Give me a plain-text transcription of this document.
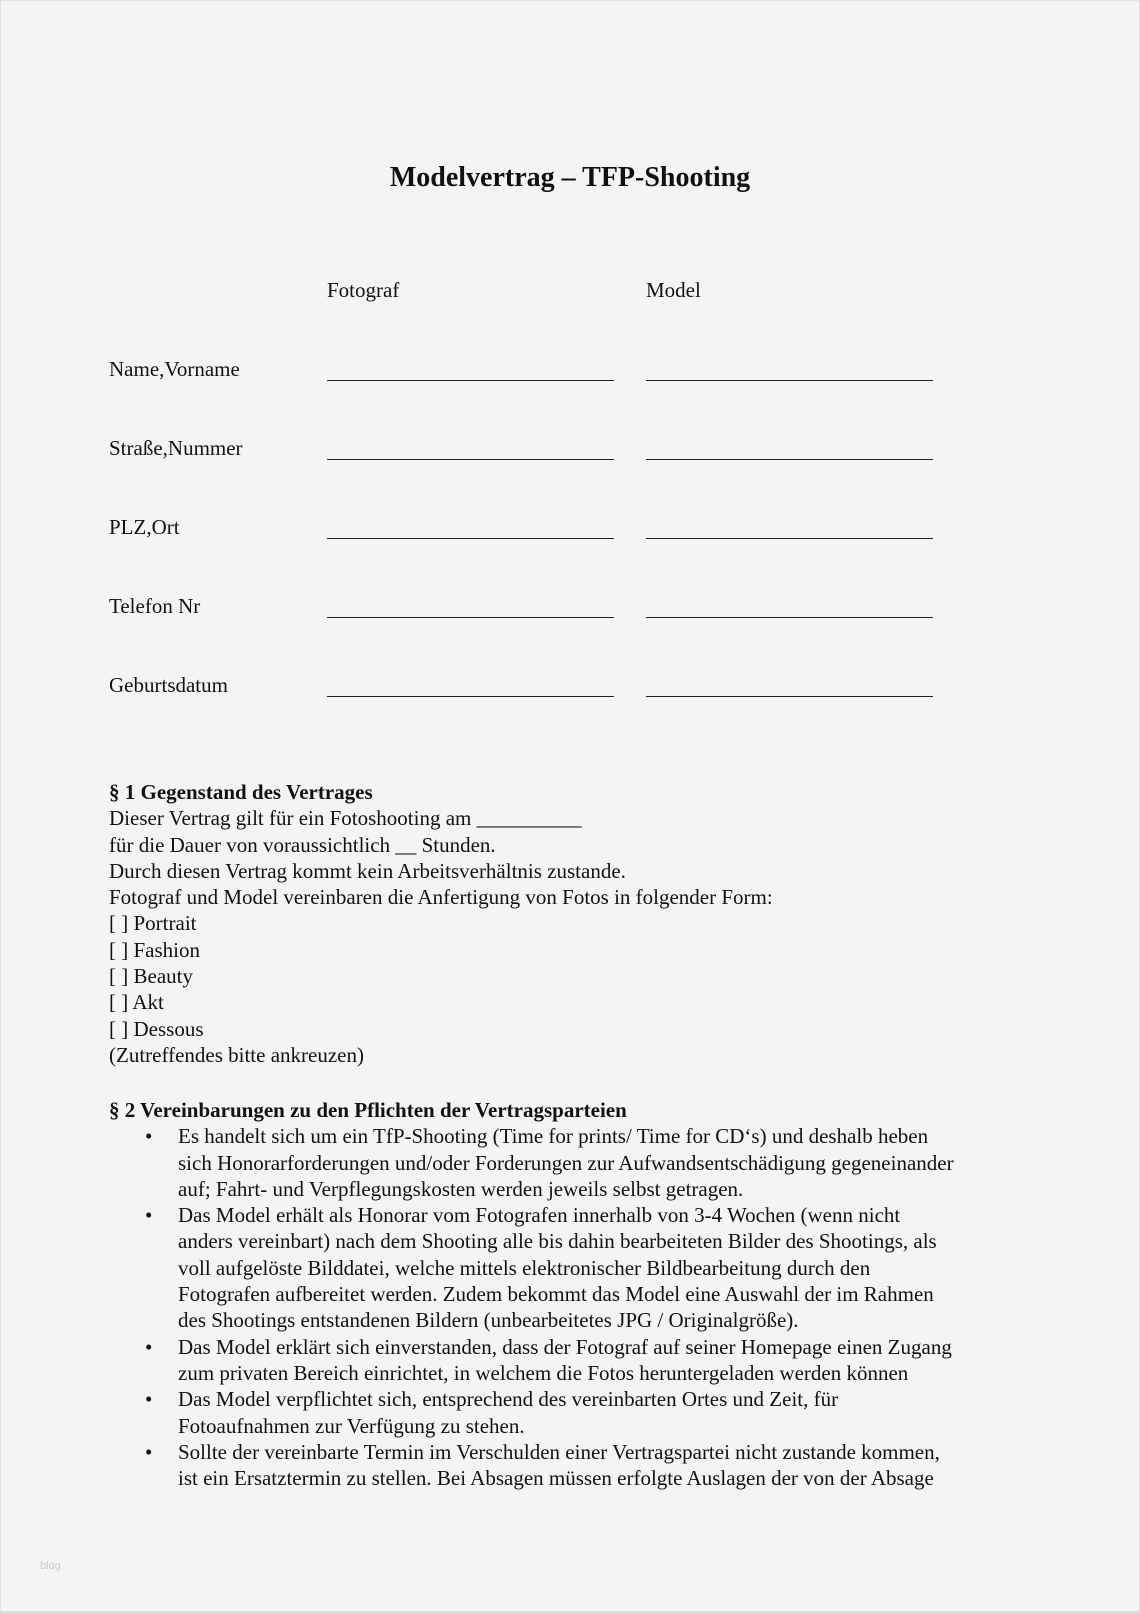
Modelvertrag – TFP-Shooting
Fotograf	Model
Name,Vorname
Straße,Nummer
PLZ,Ort
Telefon Nr
Geburtsdatum
§ 1 Gegenstand des Vertrages
Dieser Vertrag gilt für ein Fotoshooting am __________
für die Dauer von voraussichtlich __ Stunden.
Durch diesen Vertrag kommt kein Arbeitsverhältnis zustande.
Fotograf und Model vereinbaren die Anfertigung von Fotos in folgender Form:
[ ] Portrait
[ ] Fashion
[ ] Beauty
[ ] Akt
[ ] Dessous
(Zutreffendes bitte ankreuzen)
§ 2 Vereinbarungen zu den Pflichten der Vertragsparteien
• Es handelt sich um ein TfP-Shooting (Time for prints/ Time for CD‘s) und deshalb heben
sich Honorarforderungen und/oder Forderungen zur Aufwandsentschädigung gegeneinander
auf; Fahrt- und Verpflegungskosten werden jeweils selbst getragen.
• Das Model erhält als Honorar vom Fotografen innerhalb von 3-4 Wochen (wenn nicht
anders vereinbart) nach dem Shooting alle bis dahin bearbeiteten Bilder des Shootings, als
voll aufgelöste Bilddatei, welche mittels elektronischer Bildbearbeitung durch den
Fotografen aufbereitet werden. Zudem bekommt das Model eine Auswahl der im Rahmen
des Shootings entstandenen Bildern (unbearbeitetes JPG / Originalgröße).
• Das Model erklärt sich einverstanden, dass der Fotograf auf seiner Homepage einen Zugang
zum privaten Bereich einrichtet, in welchem die Fotos heruntergeladen werden können
• Das Model verpflichtet sich, entsprechend des vereinbarten Ortes und Zeit, für
Fotoaufnahmen zur Verfügung zu stehen.
• Sollte der vereinbarte Termin im Verschulden einer Vertragspartei nicht zustande kommen,
ist ein Ersatztermin zu stellen. Bei Absagen müssen erfolgte Auslagen der von der Absage
blog
